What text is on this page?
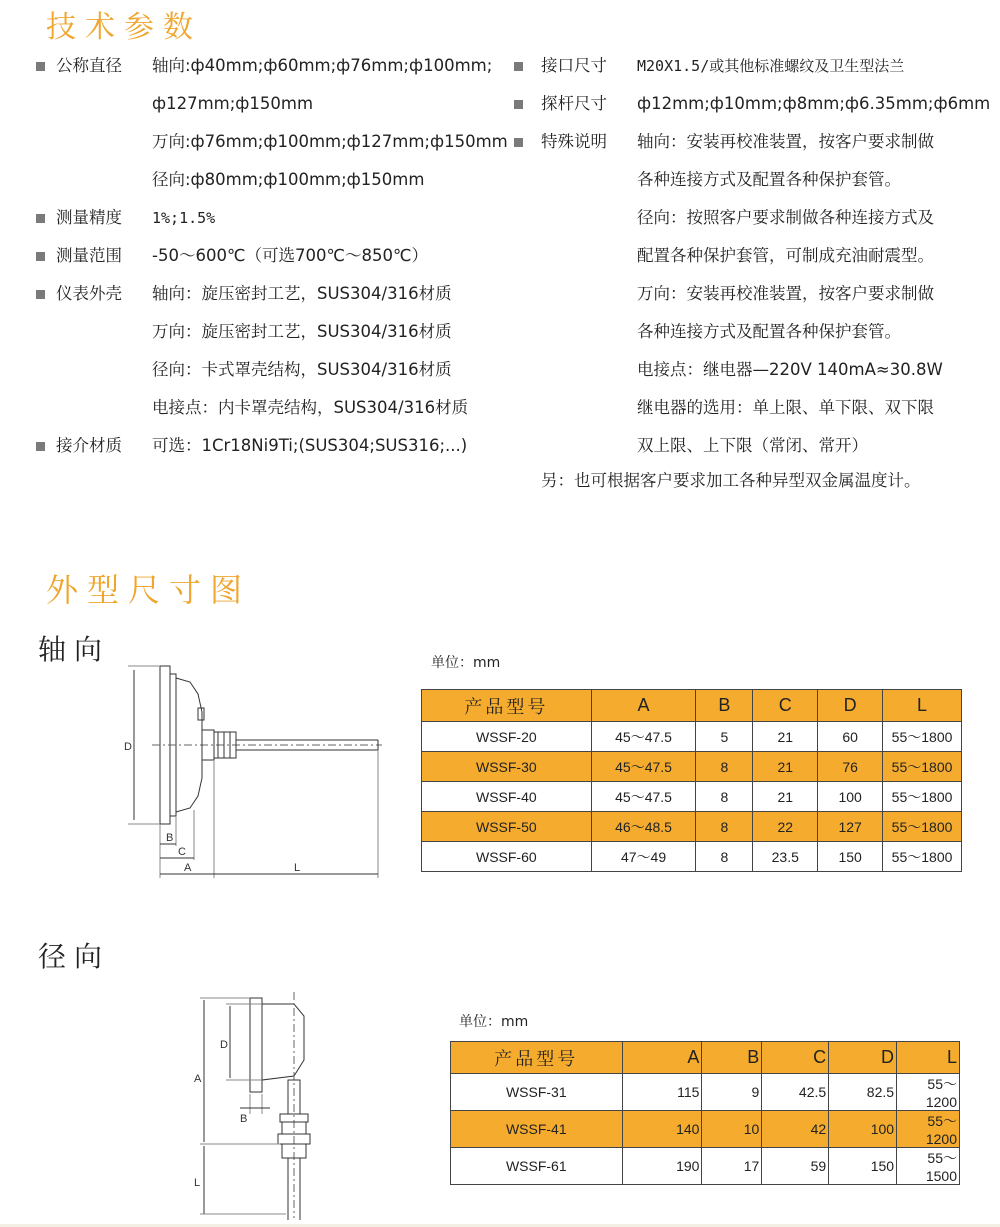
技术参数
公称直径 轴向:ф40mm;ф60mm;ф76mm;ф100mm;
ф127mm;ф150mm
万向:ф76mm;ф100mm;ф127mm;ф150mm
径向:ф80mm;ф100mm;ф150mm
测量精度 1%;1.5%
测量范围 -50～600℃（可选700℃～850℃）
仪表外壳 轴向：旋压密封工艺，SUS304/316材质
万向：旋压密封工艺，SUS304/316材质
径向：卡式罩壳结构，SUS304/316材质
电接点：内卡罩壳结构，SUS304/316材质
接介材质 可选：1Cr18Ni9Ti;(SUS304;SUS316;...)
接口尺寸 M20X1.5/或其他标准螺纹及卫生型法兰
探杆尺寸 ф12mm;ф10mm;ф8mm;ф6.35mm;ф6mm
特殊说明 轴向：安装再校准装置，按客户要求制做
各种连接方式及配置各种保护套管。
径向：按照客户要求制做各种连接方式及
配置各种保护套管，可制成充油耐震型。
万向：安装再校准装置，按客户要求制做
各种连接方式及配置各种保护套管。
电接点：继电器—220V 140mA≈30.8W
继电器的选用：单上限、单下限、双下限
双上限、上下限（常闭、常开）
另：也可根据客户要求加工各种异型双金属温度计。
外型尺寸图
轴向
D
B
C
A	L
单位：mm
产品型号	A	B	C	D	L
WSSF-20	45～47.5	5	21	60	55～1800
WSSF-30	45～47.5	8	21	76	55～1800
WSSF-40	45～47.5	8	21	100	55～1800
WSSF-50	46～48.5	8	22	127	55～1800
WSSF-60	47～49	8	23.5	150	55～1800
径向
A
D
B
L
单位：mm
产品型号	A	B	C	D	L
WSSF-31	115	9	42.5	82.5	55～1200
WSSF-41	140	10	42	100	55～1200
WSSF-61	190	17	59	150	55～1500
